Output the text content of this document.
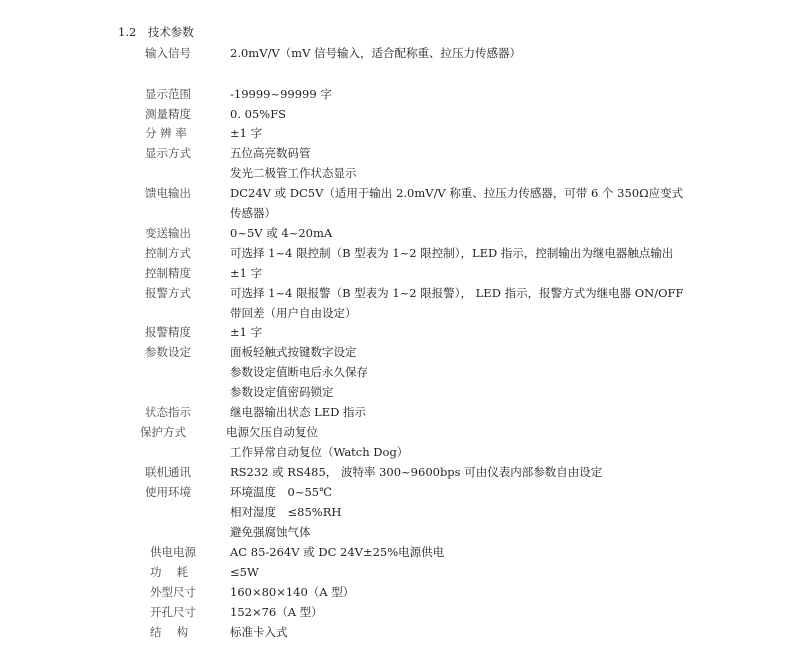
1.2　技术参数
输入信号	2.0mV/V（mV 信号输入，适合配称重、拉压力传感器）
显示范围	-19999~99999 字
测量精度	0. 05%FS
分 辨 率	±1 字
显示方式	五位高亮数码管
发光二极管工作状态显示
馈电输出	DC24V 或 DC5V（适用于输出 2.0mV/V 称重、拉压力传感器，可带 6 个 350Ω应变式
传感器）
变送输出	0~5V 或 4~20mA
控制方式	可选择 1~4 限控制（B 型表为 1~2 限控制），LED 指示，控制输出为继电器触点输出
控制精度	±1 字
报警方式	可选择 1~4 限报警（B 型表为 1~2 限报警）， LED 指示，报警方式为继电器 ON/OFF
带回差（用户自由设定）
报警精度	±1 字
参数设定	面板轻触式按键数字设定
参数设定值断电后永久保存
参数设定值密码锁定
状态指示	继电器输出状态 LED 指示
保护方式	电源欠压自动复位
工作异常自动复位（Watch Dog）
联机通讯	RS232 或 RS485， 波特率 300~9600bps 可由仪表内部参数自由设定
使用环境	环境温度　0~55℃
相对湿度　≤85%RH
避免强腐蚀气体
供电电源	AC 85-264V 或 DC 24V±25%电源供电
功　 耗	≤5W
外型尺寸	160×80×140（A 型）
开孔尺寸	152×76（A 型）
结　 构	标准卡入式
